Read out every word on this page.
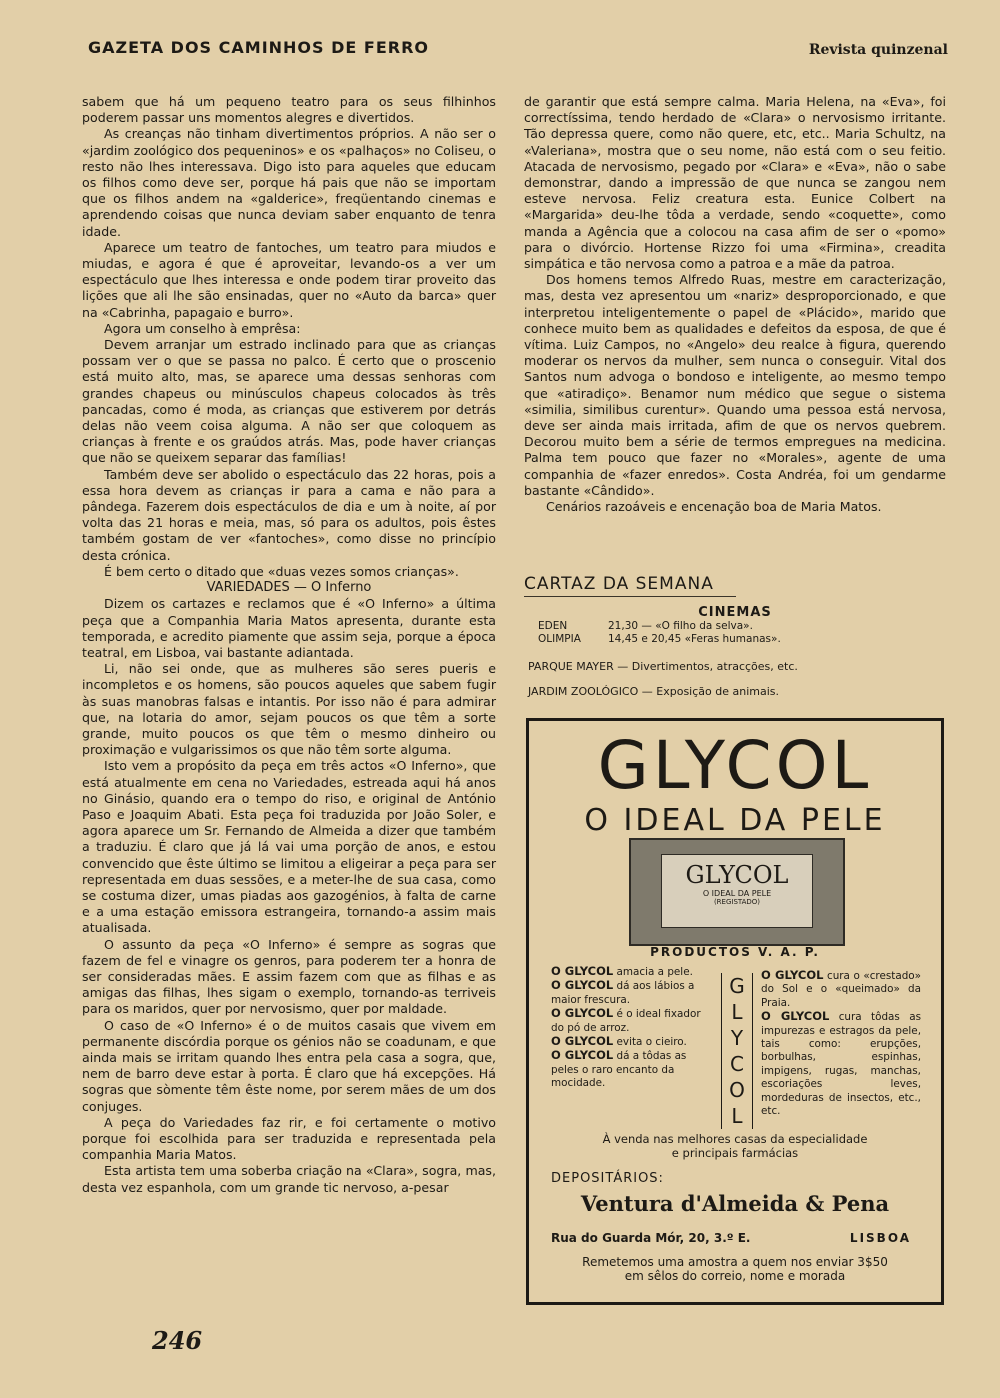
GAZETA DOS CAMINHOS DE FERRO	Revista quinzenal

sabem que há um pequeno teatro para os seus filhinhos poderem passar uns momentos alegres e divertidos.

As creanças não tinham divertimentos próprios. A não ser o «jardim zoológico dos pequeninos» e os «palhaços» no Coliseu, o resto não lhes interessava. Digo isto para aqueles que educam os filhos como deve ser, porque há pais que não se importam que os filhos andem na «galderice», freqüentando cinemas e aprendendo coisas que nunca deviam saber enquanto de tenra idade.

Aparece um teatro de fantoches, um teatro para miudos e miudas, e agora é que é aproveitar, levando-os a ver um espectáculo que lhes interessa e onde podem tirar proveito das lições que ali lhe são ensinadas, quer no «Auto da barca» quer na «Cabrinha, papagaio e burro».

Agora um conselho à emprêsa:

Devem arranjar um estrado inclinado para que as crianças possam ver o que se passa no palco. É certo que o proscenio está muito alto, mas, se aparece uma dessas senhoras com grandes chapeus ou minúsculos chapeus colocados às três pancadas, como é moda, as crianças que estiverem por detrás delas não veem coisa alguma. A não ser que coloquem as crianças à frente e os graúdos atrás. Mas, pode haver crianças que não se queixem separar das famílias!

Também deve ser abolido o espectáculo das 22 horas, pois a essa hora devem as crianças ir para a cama e não para a pândega. Fazerem dois espectáculos de dia e um à noite, aí por volta das 21 horas e meia, mas, só para os adultos, pois êstes também gostam de ver «fantoches», como disse no princípio desta crónica.

É bem certo o ditado que «duas vezes somos crianças».

VARIEDADES — O Inferno

Dizem os cartazes e reclamos que é «O Inferno» a última peça que a Companhia Maria Matos apresenta, durante esta temporada, e acredito piamente que assim seja, porque a época teatral, em Lisboa, vai bastante adiantada.

Li, não sei onde, que as mulheres são seres pueris e incompletos e os homens, são poucos aqueles que sabem fugir às suas manobras falsas e intantis. Por isso não é para admirar que, na lotaria do amor, sejam poucos os que têm a sorte grande, muito poucos os que têm o mesmo dinheiro ou proximação e vulgarissimos os que não têm sorte alguma.

Isto vem a propósito da peça em três actos «O Inferno», que está atualmente em cena no Variedades, estreada aqui há anos no Ginásio, quando era o tempo do riso, e original de António Paso e Joaquim Abati. Esta peça foi traduzida por João Soler, e agora aparece um Sr. Fernando de Almeida a dizer que também a traduziu. É claro que já lá vai uma porção de anos, e estou convencido que êste último se limitou a eligeirar a peça para ser representada em duas sessões, e a meter-lhe de sua casa, como se costuma dizer, umas piadas aos gazogénios, à falta de carne e a uma estação emissora estrangeira, tornando-a assim mais atualisada.

O assunto da peça «O Inferno» é sempre as sogras que fazem de fel e vinagre os genros, para poderem ter a honra de ser consideradas mães. E assim fazem com que as filhas e as amigas das filhas, lhes sigam o exemplo, tornando-as terriveis para os maridos, quer por nervosismo, quer por maldade.

O caso de «O Inferno» é o de muitos casais que vivem em permanente discórdia porque os génios não se coadunam, e que ainda mais se irritam quando lhes entra pela casa a sogra, que, nem de barro deve estar à porta. É claro que há excepções. Há sogras que sòmente têm êste nome, por serem mães de um dos conjuges.

A peça do Variedades faz rir, e foi certamente o motivo porque foi escolhida para ser traduzida e representada pela companhia Maria Matos.

Esta artista tem uma soberba criação na «Clara», sogra, mas, desta vez espanhola, com um grande tic nervoso, a-pesar

de garantir que está sempre calma. Maria Helena, na «Eva», foi correctíssima, tendo herdado de «Clara» o nervosismo irritante. Tão depressa quere, como não quere, etc, etc.. Maria Schultz, na «Valeriana», mostra que o seu nome, não está com o seu feitio. Atacada de nervosismo, pegado por «Clara» e «Eva», não o sabe demonstrar, dando a impressão de que nunca se zangou nem esteve nervosa. Feliz creatura esta. Eunice Colbert na «Margarida» deu-lhe tôda a verdade, sendo «coquette», como manda a Agência que a colocou na casa afim de ser o «pomo» para o divórcio. Hortense Rizzo foi uma «Firmina», creadita simpática e tão nervosa como a patroa e a mãe da patroa.

Dos homens temos Alfredo Ruas, mestre em caracterização, mas, desta vez apresentou um «nariz» desproporcionado, e que interpretou inteligentemente o papel de «Plácido», marido que conhece muito bem as qualidades e defeitos da esposa, de que é vítima. Luiz Campos, no «Angelo» deu realce à figura, querendo moderar os nervos da mulher, sem nunca o conseguir. Vital dos Santos num advoga o bondoso e inteligente, ao mesmo tempo que «atiradiço». Benamor num médico que segue o sistema «similia, similibus curentur». Quando uma pessoa está nervosa, deve ser ainda mais irritada, afim de que os nervos quebrem. Decorou muito bem a série de termos empregues na medicina. Palma tem pouco que fazer no «Morales», agente de uma companhia de «fazer enredos». Costa Andréa, foi um gendarme bastante «Cândido».

Cenários razoáveis e encenação boa de Maria Matos.

CARTAZ DA SEMANA
CINEMAS
EDEN	21,30 — «O filho da selva».
OLIMPIA	14,45 e 20,45 «Feras humanas».
PARQUE MAYER — Divertimentos, atracções, etc.
JARDIM ZOOLÓGICO — Exposição de animais.
GLYCOL
O IDEAL DA PELE
GLYCOL
O IDEAL DA PELE
(REGISTADO)
PRODUCTOS V. A. P.

O GLYCOL amacia a pele.

O GLYCOL dá aos lábios a maior frescura.

O GLYCOL é o ideal fixador do pó de arroz.

O GLYCOL evita o cieiro.

O GLYCOL dá a tôdas as peles o raro encanto da mocidade.

G
L
Y
C
O
L

O GLYCOL cura o «crestado» do Sol e o «queimado» da Praia.

O GLYCOL cura tôdas as impurezas e estragos da pele, tais como: erupções, borbulhas, espinhas, impigens, rugas, manchas, escoriações leves, mordeduras de insectos, etc., etc.

À venda nas melhores casas da especialidade
e principais farmácias
DEPOSITÁRIOS:
Ventura d'Almeida & Pena
Rua do Guarda Mór, 20, 3.º E.	LISBOA
Remetemos uma amostra a quem nos enviar 3$50
em sêlos do correio, nome e morada
246
